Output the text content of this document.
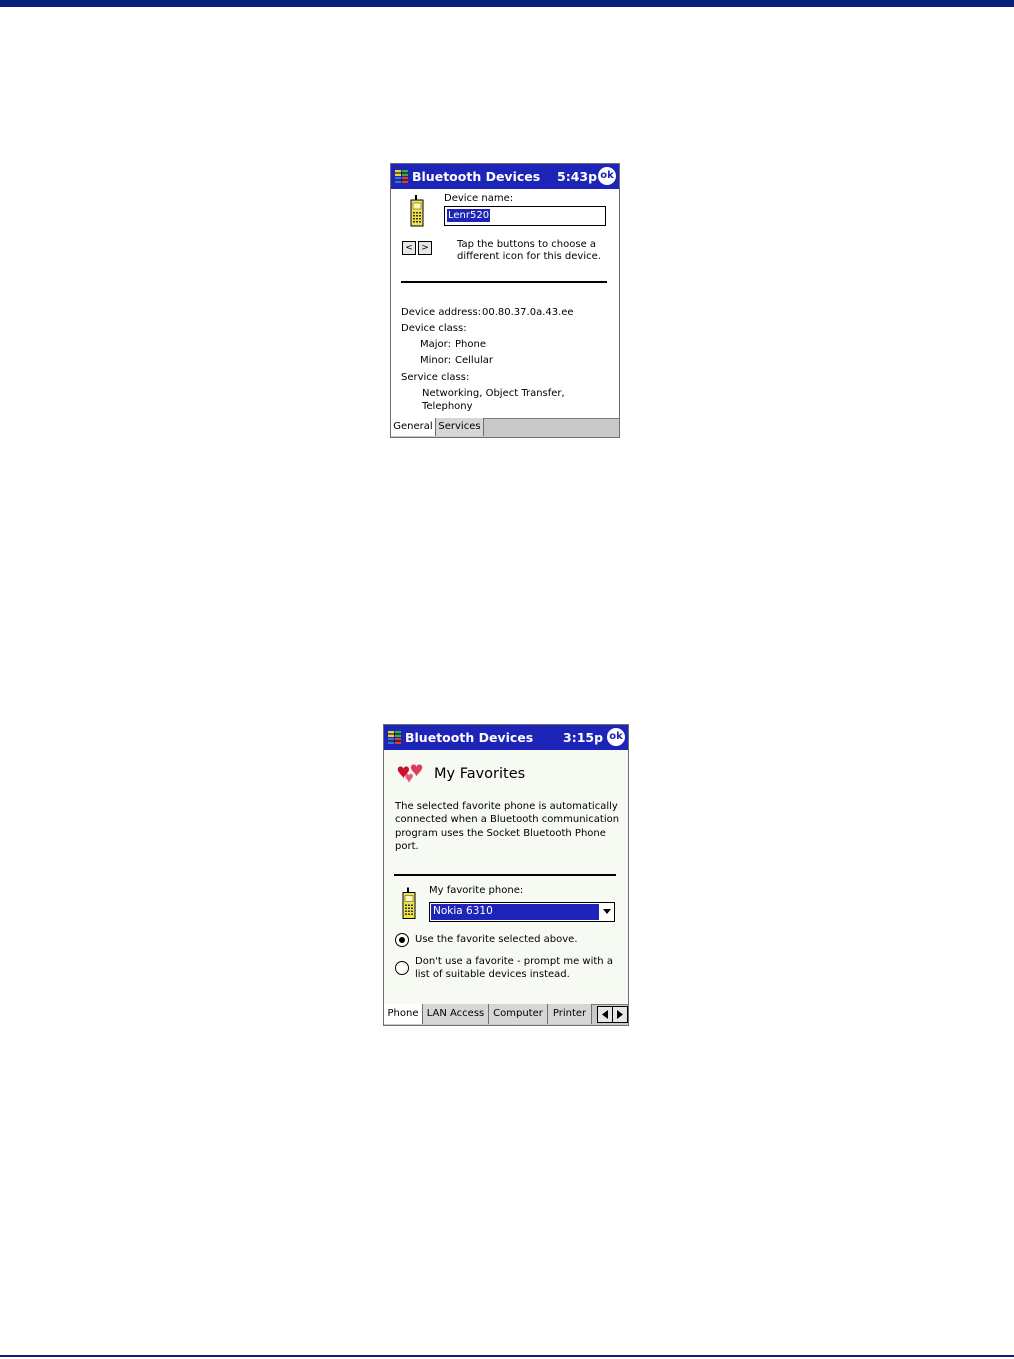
Bluetooth Devices 5:43p ok
Device name:
Lenr520
< >	Tap the buttons to choose a
different icon for this device.
Device address: 00.80.37.0a.43.ee
Device class:
Major: Phone
Minor: Cellular
Service class:
Networking, Object Transfer,
Telephony
General Services
Bluetooth Devices 3:15p ok
My Favorites
The selected favorite phone is automatically
connected when a Bluetooth communication
program uses the Socket Bluetooth Phone
port.
My favorite phone:
Nokia 6310
Use the favorite selected above.
Don't use a favorite - prompt me with a
list of suitable devices instead.
Phone LAN Access Computer	Printer
